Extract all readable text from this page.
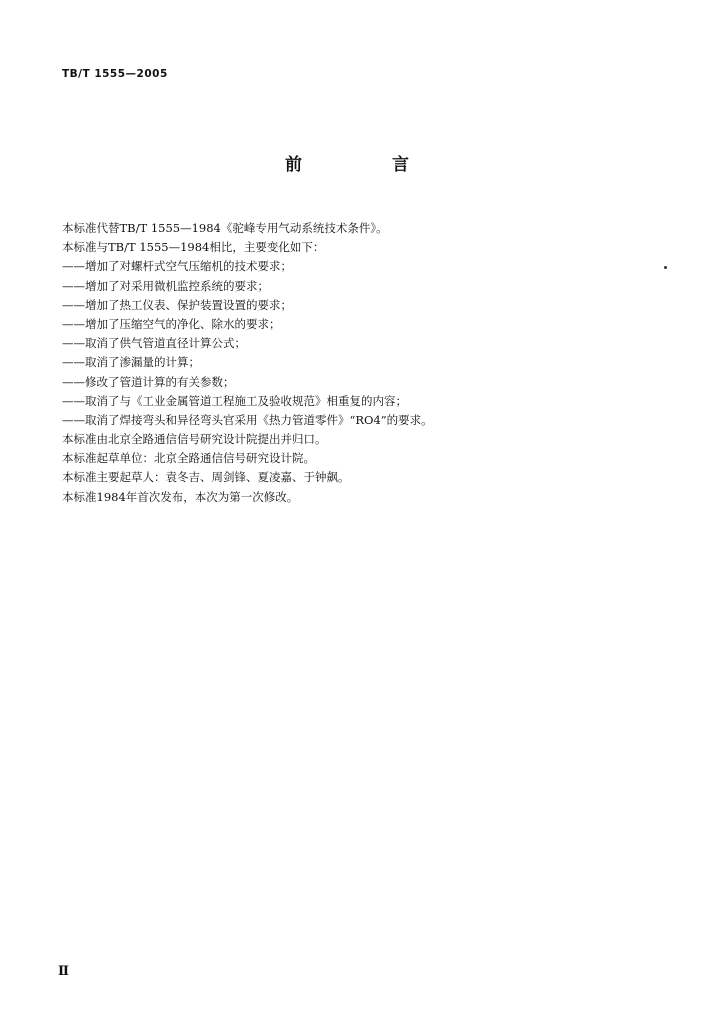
TB/T 1555—2005
前 言
本标准代替TB/T 1555—1984《驼峰专用气动系统技术条件》。
本标准与TB/T 1555—1984相比，主要变化如下：
——增加了对螺杆式空气压缩机的技术要求；
——增加了对采用微机监控系统的要求；
——增加了热工仪表、保护装置设置的要求；
——增加了压缩空气的净化、除水的要求；
——取消了供气管道直径计算公式；
——取消了渗漏量的计算；
——修改了管道计算的有关参数；
——取消了与《工业金属管道工程施工及验收规范》相重复的内容；
——取消了焊接弯头和异径弯头官采用《热力管道零件》“RO4”的要求。
本标准由北京全路通信信号研究设计院提出并归口。
本标准起草单位：北京全路通信信号研究设计院。
本标准主要起草人：袁冬吉、周剑锋、夏凌嘉、于钟飙。
本标准1984年首次发布，本次为第一次修改。
Ⅱ
